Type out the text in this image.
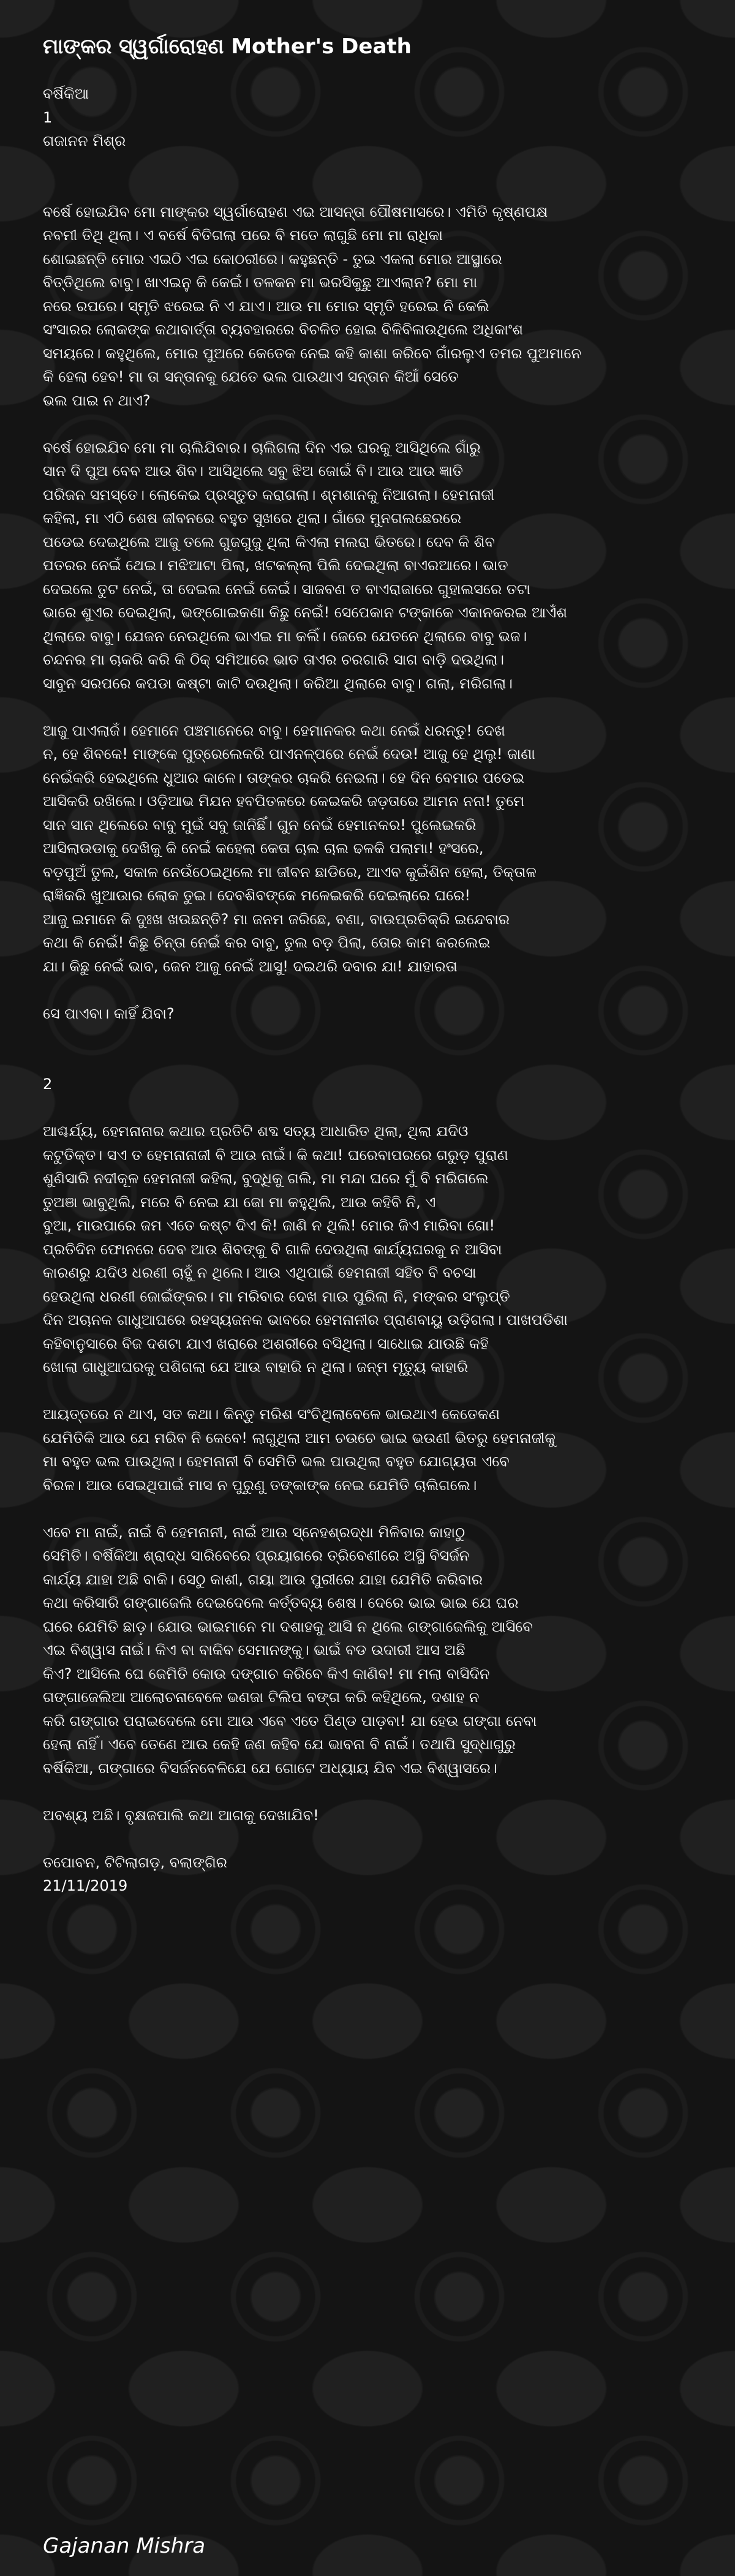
ମାଙ୍କର ସ୍ୱର୍ଗାରୋହଣ Mother's Death
ବର୍ଷିକିଆ
1
ଗଜାନନ ମିଶ୍ର
ବର୍ଷେ ହୋଇଯିବ ମୋ ମାଙ୍କର ସ୍ୱର୍ଗାରୋହଣ ଏଇ ଆସନ୍ତା ପୌଷମାସରେ। ଏମିତି କୃଷ୍ଣପକ୍ଷ
ନବମୀ ତିଥି ଥିଲା। ଏ ବର୍ଷେ ବିତିଗଲା ପରେ ବି ମତେ ଲାଗୁଛି ମୋ ମା ରାଧିକା
ଶୋଇଛନ୍ତି ମୋର ଏଇଠି ଏଇ କୋଠରୀରେ। କହୁଛନ୍ତି - ତୁଇ ଏକଲା ମୋର ଆସ୍ଥାରେ
ବିତ୍ତିଥିଲେ ବାବୁ। ଖାଏଇନୁ କି କେଇଁ। ତଳକନ ମା ଭରସିକୁଛୁ ଆଏଲାନ? ମୋ ମା
ନରେ ରପରେ। ସ୍ମୃତି ଝରେଇ ନି ଏ ଯାଏ। ଆଉ ମା ମୋର ସ୍ମୃତି ହରେଇ ନି କେଲି
ସଂସାରର ଲୋକଙ୍କ କଥାବାର୍ତ୍ତା ବ୍ୟବହାରରେ ବିଚଳିତ ହୋଇ ବିଳିବିଳାଉଥିଲେ ଅଧିକାଂଶ
ସମୟରେ। କହୁଥିଲେ, ମୋର ପୁଅରେ କେତେକ ନେଇ କହି କାଶା କରିବେ ଗାଁରଲୁଏ ତମର ପୁଅମାନେ
କି ହେଲା ହେବ! ମା ତା ସନ୍ତାନକୁ ଯେତେ ଭଲ ପାଉଥାଏ ସନ୍ତାନ କିଆଁ ସେତେ
ଭଲ ପାଇ ନ ଥାଏ?
ବର୍ଷେ ହୋଇଯିବ ମୋ ମା ଚାଲିଯିବାର। ଚାଲିଗଲା ଦିନ ଏଇ ଘରକୁ ଆସିଥିଲେ ଗାଁରୁ
ସାନ ଦି ପୁଅ ବେବ ଆଉ ଶିବ। ଆସିଥିଲେ ସବୁ ଝିଅ ଜୋଇଁ ବି। ଆଉ ଆଉ ଜ୍ଞାତି
ପରିଜନ ସମସ୍ତେ। ଲୋକେଇ ପ୍ରସ୍ତୁତ କରାଗଲା। ଶ୍ମଶାନକୁ ନିଆଗଲା। ହେମନାଜୀ
କହିଲା, ମା ଏଠି ଶେଷ ଜୀବନରେ ବହୁତ ସୁଖରେ ଥିଲା। ଗାଁରେ ମୁନଗଲଛେରରେ
ପଡେଇ ଦେଇଥିଲେ ଆଜୁ ତଲେ ଗୁଜଗୁଜୁ ଥିଲା କିଏଲା ମଲରା ଭିତରେ। ଦେବ କି ଶିବ
ପତରର ନେଇଁ ଥେଇ। ମଝିଆଟା ପିଲା, ଖଟକଲ୍ଲା ପିଲି ଦେଇଥିଲା ବାଏରଆରେ। ଭାତ
ଦେଇଲେ ତୁଟ ନେଇଁ, ତା ଦେଇଲ ନେଇଁ କେଇଁ। ସାଜବଣ ତ ବାଏରାଜାରେ ଗୁହାଲସରେ ତଟା
ଭାରେ ଶୁଏର ଦେଇଥିଲା, ଭଙ୍ଗୋଇକଣା କିଛୁ ନେଇଁ! ସେପେକାନ ଟଙ୍କାକେ ଏକାନକରଇ ଆଏଁଶ
ଥିଲାରେ ବାବୁ। ଯେଜନ ନେଉଥିଲେ ଭାଏଇ ମା କଲିଁ। ଜେରେ ଯେତନେ ଥିଲାରେ ବାବୁ ଭଜ।
ଚନ୍ଦନର ମା ଚାକରି କରି କି ଠିକ୍ ସମିଆରେ ଭାତ ତାଏର ଚରଗାରି ସାଗ ବାଡ଼ି ଦଉଥିଲା।
ସାବୁନ ସରପରେ କପଡା କଷ୍ଟା କାଟି ଦଉଥିଲା। କରିଆ ଥିଲାରେ ବାବୁ। ଗଲା, ମରିଗଲା।
ଆଜୁ ପାଏଲାଜଁ। ହେମାନେ ପଞ୍ଚମାନେରେ ବାବୁ। ହେମାନକର କଥା ନେଇଁ ଧରନ୍ତୁ! ଦେଖ
ନ, ହେ ଶିବକେ! ମାଙ୍କେ ପୁତ୍ରେଲେକରି ପାଏନଳ୍ପରେ ନେଇଁ ଦେଉ! ଆଜୁ ହେ ଥିଲୁ! ଜାଣା
ନେଇଁକରି ହେଇଥିଲେ ଧୁଆର କାଳେ। ତାଙ୍କର ଚାକରି ନେଇଲା। ହେ ଦିନ ବେମାର ପଡେଇ
ଆସିକରି ରଖିଲେ। ଓଡ଼ିଆଭ ମିଯନ ହବପିତଳରେ କେଇକରି ଜଡ଼ତାରେ ଆମନ ନନା! ତୁମେ
ସାନ ସାନ ଥିଲେରେ ବାବୁ ମୁଇଁ ସବୁ ଜାନିଛିଁ। ଗୁନ ନେଇଁ ହେମାନକର! ପୁଲେଇକରି
ଆସିଲାଉଡାକୁ ଦେଖିକୁ କି ନେଇଁ କହେଲା କେତା ଚାଲ ଚାଲ ଢଳକି ପଲାମା! ହଂସରେ,
ବଡ଼ପୁଅଁ ତୁଲ, ସକାଳ ନେଉଁଠେଇଥିଲେ ମା ଜୀବନ ଛାଡିରେ, ଆଏବ କୁଇଁଶିନ ହେଲା, ତିକ୍ତାଳ
ରାଜ୍ଞିକରି ଖୁଆଉାର ଲୋକ ତୁଇ। ଦେବଶିବଙ୍କେ ମଳେଇକରି ଦେଇଲାରେ ଘରେ!
ଆଜୁ ଇମାନେ କି ଦୁଃଖ ଖଉଛନ୍ତି? ମା ଜନମ ଜରିଛେ, ବଣା, ବାଉପ୍ରତିକ୍ରି ଇନ୍ଦେବାର
କଥା କି ନେଇଁ! କିଛୁ ଚିନ୍ତା ନେଇଁ କର ବାବୁ, ତୁଲ ବଡ଼ ପିଲା, ତୋର କାମ କରଲେଇ
ଯା। କିଛୁ ନେଇଁ ଭାବ, ଜେନ ଆଜୁ ନେଇଁ ଆସୁ! ଦଇଥରି ଦବାର ଯା! ଯାହାରତା
ସେ ପାଏବା। କାହିଁ ଯିବା?
2
ଆଶ୍ଚର୍ଯ୍ୟ, ହେମନାନାର କଥାର ପ୍ରତିଟି ଶବ୍ଦ ସତ୍ୟ ଆଧାରିତ ଥିଲା, ଥିଲା ଯଦିଓ
କଟୁତିକ୍ତ। ସଏ ତ ହେମନାନାଜୀ ବି ଆଉ ନାଇଁ। କି କଥା! ଘରେବାପରରେ ଗରୁଡ଼ ପୁରାଣ
ଶୁଣିସାରି ନଦୀକୂଳ ହେମନାଜୀ କହିଲା, ବୁଦ୍ଧିକୁ ଗଲି, ମା ମନ୍ଦା ଘରେ ମୁଁ ବି ମରିଗଲେ
ତୁଅଞା ଭାବୁଥିଲି, ମରେ ବି ନେଇ ଯା ଜୋ ମା କହୁଥିଲି, ଆଉ କହିବି ନି, ଏ
ବୁଆ, ମାଉପାରେ ଜମ ଏତେ କଷ୍ଟ ଦିଏ କି! ଜାଣି ନ ଥିଲି! ମୋର ଜିଏ ମାରିବା ଗୋ!
ପ୍ରତିଦିନ ଫୋନରେ ଦେବ ଆଉ ଶିବଙ୍କୁ ବି ଗାଳି ଦେଉଥିଲା କାର୍ଯ୍ୟଘରକୁ ନ ଆସିବା
କାରଣରୁ ଯଦିଓ ଧରଣୀ ଚାହୁଁ ନ ଥିଲେ। ଆଉ ଏଥିପାଇଁ ହେମନାଜୀ ସହିତ ବି ବଚସା
ହେଉଥିଲା ଧରଣୀ ଜୋଇଁଙ୍କର। ମା ମରିବାର ଦେଖ ମାଉ ପୁରିଲା ନି, ମଙ୍କର ସଂଲୁପ୍ତି
ଦିନ ଅଚାନକ ଗାଧୁଆଘରେ ରହସ୍ୟଜନକ ଭାବରେ ହେମନାନୀର ପ୍ରାଣବାୟୁ ଉଡ଼ିଗଲା। ପାଖପଡିଶା
କହିବାନୁସାରେ ବିଜ ଦଶଟା ଯାଏ ଖରାରେ ଅଶରୀରେ ବସିଥିଲା। ସାଧୋଇ ଯାଉଛି କହି
ଖୋଲା ଗାଧୁଆଘରକୁ ପଶିଗଲା ଯେ ଆଉ ବାହାରି ନ ଥିଲା। ଜନ୍ମ ମୃତ୍ୟୁ କାହାରି
ଆୟତ୍ତରେ ନ ଥାଏ, ସତ କଥା। କିନ୍ତୁ ମରିଶ ସଂଚିଥିଲାବେଳେ ଭାଇଥାଏ କେତେକଣ
ଯେମିତିକି ଆଉ ଯେ ମରିବ ନି କେବେ! ଲାଗୁଥିଲା ଆମ ଚଉଚେ ଭାଇ ଭଉଣୀ ଭିତରୁ ହେମନାଜୀକୁ
ମା ବହୁତ ଭଲ ପାଉଥିଲା। ହେମନାନୀ ବି ସେମିତି ଭଲ ପାଉଥିଲା ବହୁତ ଯୋଗ୍ୟତା ଏବେ
ବିରଳ। ଆଉ ସେଇଥିପାଇଁ ମାସ ନ ପୁରୁଣୁ ତଙ୍କାଙ୍କ ନେଇ ଯେମିତି ଚାଲିଗଲେ।
ଏବେ ମା ନାଇଁ, ନାଇଁ ବି ହେମନାନୀ, ନାଇଁ ଆଉ ସ୍ନେହଶ୍ରଦ୍ଧା ମିଳିବାର କାହାଠୁ
ସେମିତି। ବର୍ଷିକିଆ ଶ୍ରାଦ୍ଧ ସାରିବେରେ ପ୍ରୟାଗରେ ତ୍ରିବେଣୀରେ ଅସ୍ଥି ବିସର୍ଜନ
କାର୍ଯ୍ୟ ଯାହା ଅଛି ବାକି। ସେଠୁ କାଶୀ, ଗୟା ଆଉ ପୁରୀରେ ଯାହା ଯେମିତି କରିବାର
କଥା କରିସାରି ଗଙ୍ଗାଜେଲି ଦେଇଦେଲେ କର୍ତ୍ତବ୍ୟ ଶେଷ। ଦେରେ ଭାଇ ଭାଇ ଯେ ଘର
ଘରେ ଯେମିତି ଛାଡ଼। ଯୋଉ ଭାଇମାନେ ମା ଦଶାହକୁ ଆସି ନ ଥିଲେ ଗଙ୍ଗାଜେଲିକୁ ଆସିବେ
ଏଇ ବିଶ୍ୱାସ ନାଇଁ। କିଏ ବା ବାକିବ ସେମାନଙ୍କୁ। ଭାଇଁ ବଡ ଉଦାରୀ ଆସ ଅଛି
କିଏ? ଆସିଲେ ଘେ ଜେମିତି କୋଉ ଦଙ୍ଗାଚ କରିବେ କିଏ କାଣିବ! ମା ମଲା ବାସିଦିନ
ଗଙ୍ଗାଜେଲିଆ ଆଲୋଚନାବେଳେ ଭଣଜା ଟିଲିପ ବଙ୍ଗ କରି କହିଥିଲେ, ଦଶାହ ନ
କରି ଗଙ୍ଗାର ପରାଇଦେଲେ ମୋ ଆଉ ଏବେ ଏତେ ପିଣ୍ଡ ପାଡ଼ବା! ଯା ହେଉ ଗଙ୍ଗା ନେବା
ହେଲା ନାହିଁ। ଏବେ ତେଣେ ଆଉ କେହି ଜଣ କହିବ ଯେ ଭାବନା ବି ନାଇଁ। ତଥାପି ସୁଦ୍ଧାଗୁରୁ
ବର୍ଷିକିଆ, ଗଙ୍ଗାରେ ବିସର୍ଜନବେଳିଯେ ଯେ ଗୋଟେ ଅଧ୍ୟାୟ ଯିବ ଏଇ ବିଶ୍ୱାସରେ।
ଅବଶ୍ୟ ଅଛି। ବୃକ୍ଷଜପାଲି କଥା ଆଗକୁ ଦେଖାଯିବ!
ତପୋବନ, ଟିଟିଲାଗଡ଼, ବଲାଙ୍ଗିର
21/11/2019
Gajanan Mishra
